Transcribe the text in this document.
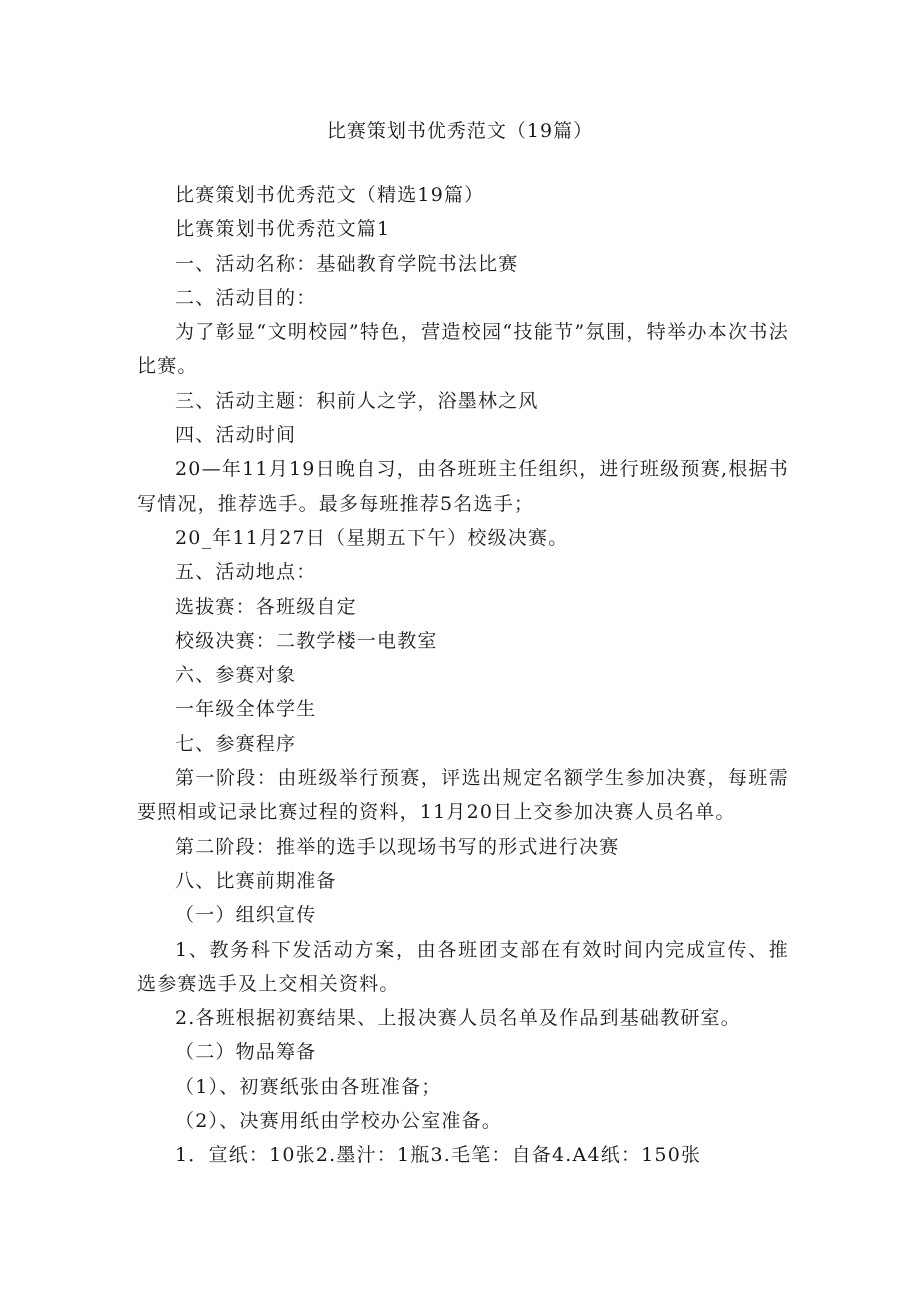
比赛策划书优秀范文（19篇）

比赛策划书优秀范文（精选19篇）

比赛策划书优秀范文篇1

一、活动名称：基础教育学院书法比赛

二、活动目的：

为了彰显“文明校园”特色，营造校园“技能节”氛围，特举办本次书法比赛。

三、活动主题：积前人之学，浴墨林之风

四、活动时间

20—年11月19日晚自习，由各班班主任组织，进行班级预赛,根据书写情况，推荐选手。最多每班推荐5名选手；

20_年11月27日（星期五下午）校级决赛。

五、活动地点：

选拔赛：各班级自定

校级决赛：二教学楼一电教室

六、参赛对象

一年级全体学生

七、参赛程序

第一阶段：由班级举行预赛，评选出规定名额学生参加决赛，每班需要照相或记录比赛过程的资料，11月20日上交参加决赛人员名单。

第二阶段：推举的选手以现场书写的形式进行决赛

八、比赛前期准备

（一）组织宣传

1、教务科下发活动方案，由各班团支部在有效时间内完成宣传、推选参赛选手及上交相关资料。

2.各班根据初赛结果、上报决赛人员名单及作品到基础教研室。

（二）物品筹备

（1）、初赛纸张由各班准备；

（2）、决赛用纸由学校办公室准备。

1．宣纸：10张2.墨汁：1瓶3.毛笔：自备4.A4纸：150张
